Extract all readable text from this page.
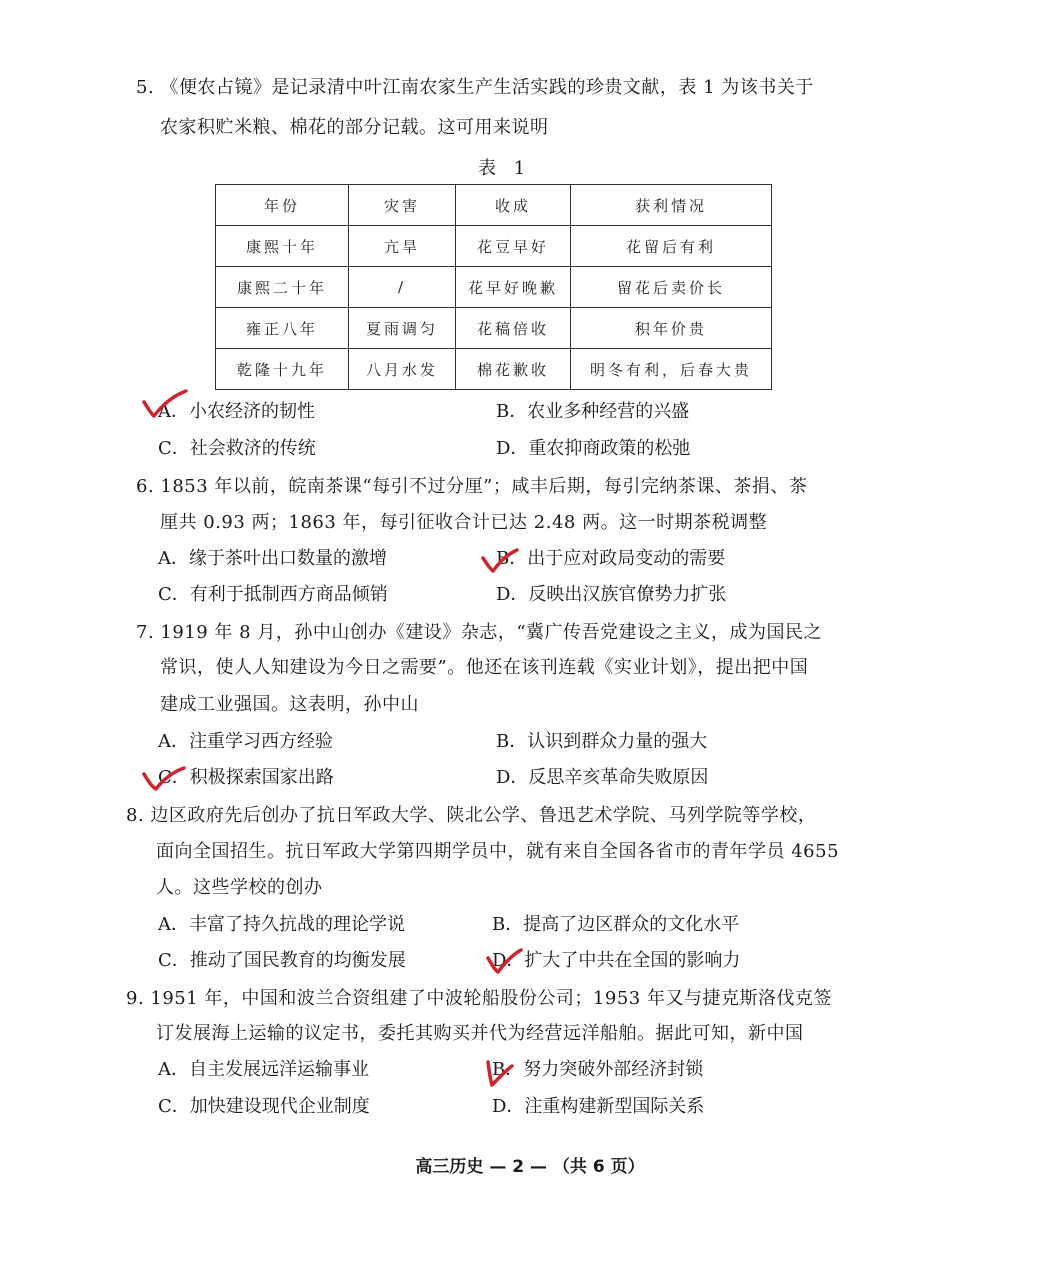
5. 《便农占镜》是记录清中叶江南农家生产生活实践的珍贵文献，表 1 为该书关于
农家积贮米粮、棉花的部分记载。这可用来说明
表 1
年份	灾害	收成	获利情况
康熙十年	亢旱	花豆早好	花留后有利
康熙二十年	/	花早好晚歉	留花后卖价长
雍正八年	夏雨调匀	花稿倍收	积年价贵
乾隆十九年	八月水发	棉花歉收	明冬有利，后春大贵
A．小农经济的韧性	B．农业多种经营的兴盛
C．社会救济的传统	D．重农抑商政策的松弛
6. 1853 年以前，皖南茶课“每引不过分厘”；咸丰后期，每引完纳茶课、茶捐、茶
厘共 0.93 两；1863 年，每引征收合计已达 2.48 两。这一时期茶税调整
A．缘于茶叶出口数量的激增	B．出于应对政局变动的需要
C．有利于抵制西方商品倾销	D．反映出汉族官僚势力扩张
7. 1919 年 8 月，孙中山创办《建设》杂志，“冀广传吾党建设之主义，成为国民之
常识，使人人知建设为今日之需要”。他还在该刊连载《实业计划》，提出把中国
建成工业强国。这表明，孙中山
A．注重学习西方经验	B．认识到群众力量的强大
C．积极探索国家出路	D．反思辛亥革命失败原因
8. 边区政府先后创办了抗日军政大学、陕北公学、鲁迅艺术学院、马列学院等学校，
面向全国招生。抗日军政大学第四期学员中，就有来自全国各省市的青年学员 4655
人。这些学校的创办
A．丰富了持久抗战的理论学说	B．提高了边区群众的文化水平
C．推动了国民教育的均衡发展	D．扩大了中共在全国的影响力
9. 1951 年，中国和波兰合资组建了中波轮船股份公司；1953 年又与捷克斯洛伐克签
订发展海上运输的议定书，委托其购买并代为经营远洋船舶。据此可知，新中国
A．自主发展远洋运输事业	B．努力突破外部经济封锁
C．加快建设现代企业制度	D．注重构建新型国际关系
高三历史 — 2 — （共 6 页）
